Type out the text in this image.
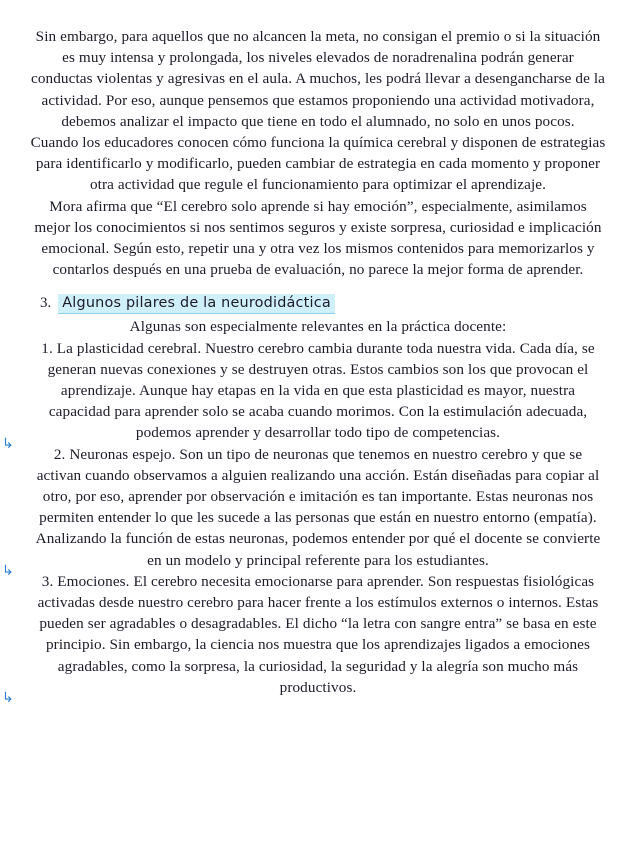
Sin embargo, para aquellos que no alcancen la meta, no consigan el premio o si la situación es muy intensa y prolongada, los niveles elevados de noradrenalina podrán generar conductas violentas y agresivas en el aula. A muchos, les podrá llevar a desengancharse de la actividad. Por eso, aunque pensemos que estamos proponiendo una actividad motivadora, debemos analizar el impacto que tiene en todo el alumnado, no solo en unos pocos.

Cuando los educadores conocen cómo funciona la química cerebral y disponen de estrategias para identificarlo y modificarlo, pueden cambiar de estrategia en cada momento y proponer otra actividad que regule el funcionamiento para optimizar el aprendizaje.

Mora afirma que “El cerebro solo aprende si hay emoción”, especialmente, asimilamos mejor los conocimientos si nos sentimos seguros y existe sorpresa, curiosidad e implicación emocional. Según esto, repetir una y otra vez los mismos contenidos para memorizarlos y contarlos después en una prueba de evaluación, no parece la mejor forma de aprender.

3. Algunos pilares de la neurodidáctica

Algunas son especialmente relevantes en la práctica docente:

↳

1. La plasticidad cerebral. Nuestro cerebro cambia durante toda nuestra vida. Cada día, se generan nuevas conexiones y se destruyen otras. Estos cambios son los que provocan el aprendizaje. Aunque hay etapas en la vida en que esta plasticidad es mayor, nuestra capacidad para aprender solo se acaba cuando morimos. Con la estimulación adecuada, podemos aprender y desarrollar todo tipo de competencias.

↳

2. Neuronas espejo. Son un tipo de neuronas que tenemos en nuestro cerebro y que se activan cuando observamos a alguien realizando una acción. Están diseñadas para copiar al otro, por eso, aprender por observación e imitación es tan importante. Estas neuronas nos permiten entender lo que les sucede a las personas que están en nuestro entorno (empatía). Analizando la función de estas neuronas, podemos entender por qué el docente se convierte en un modelo y principal referente para los estudiantes.

↳

3. Emociones. El cerebro necesita emocionarse para aprender. Son respuestas fisiológicas activadas desde nuestro cerebro para hacer frente a los estímulos externos o internos. Estas pueden ser agradables o desagradables. El dicho “la letra con sangre entra” se basa en este principio. Sin embargo, la ciencia nos muestra que los aprendizajes ligados a emociones agradables, como la sorpresa, la curiosidad, la seguridad y la alegría son mucho más productivos.
